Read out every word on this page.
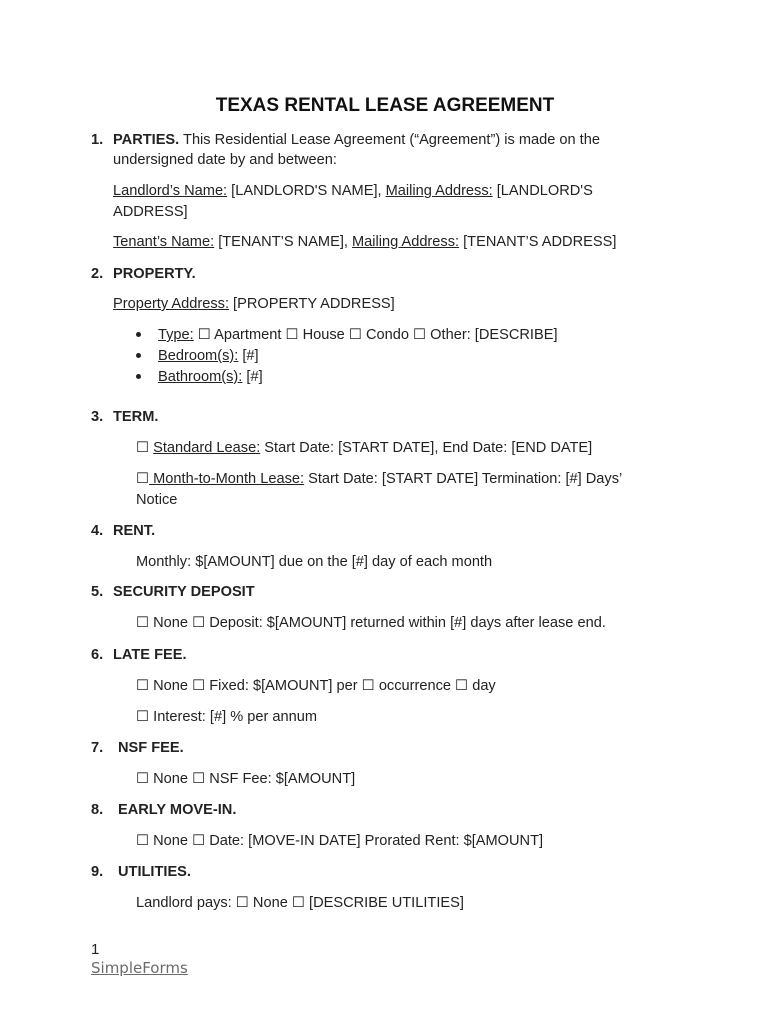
TEXAS RENTAL LEASE AGREEMENT
1. PARTIES. This Residential Lease Agreement (“Agreement”) is made on the
undersigned date by and between:
Landlord’s Name: [LANDLORD'S NAME], Mailing Address: [LANDLORD'S
ADDRESS]
Tenant’s Name: [TENANT’S NAME], Mailing Address: [TENANT’S ADDRESS]
2. PROPERTY.
Property Address: [PROPERTY ADDRESS]
Type: ☐ Apartment ☐ House ☐ Condo ☐ Other: [DESCRIBE]
Bedroom(s): [#]
Bathroom(s): [#]
3. TERM.
☐ Standard Lease: Start Date: [START DATE], End Date: [END DATE]
☐ Month-to-Month Lease: Start Date: [START DATE] Termination: [#] Days’
Notice
4. RENT.
Monthly: $[AMOUNT] due on the [#] day of each month
5. SECURITY DEPOSIT
☐ None ☐ Deposit: $[AMOUNT] returned within [#] days after lease end.
6. LATE FEE.
☐ None ☐ Fixed: $[AMOUNT] per ☐ occurrence ☐ day
☐ Interest: [#] % per annum
7. NSF FEE.
☐ None ☐ NSF Fee: $[AMOUNT]
8. EARLY MOVE-IN.
☐ None ☐ Date: [MOVE-IN DATE] Prorated Rent: $[AMOUNT]
9. UTILITIES.
Landlord pays: ☐ None ☐ [DESCRIBE UTILITIES]
1
SimpleForms
